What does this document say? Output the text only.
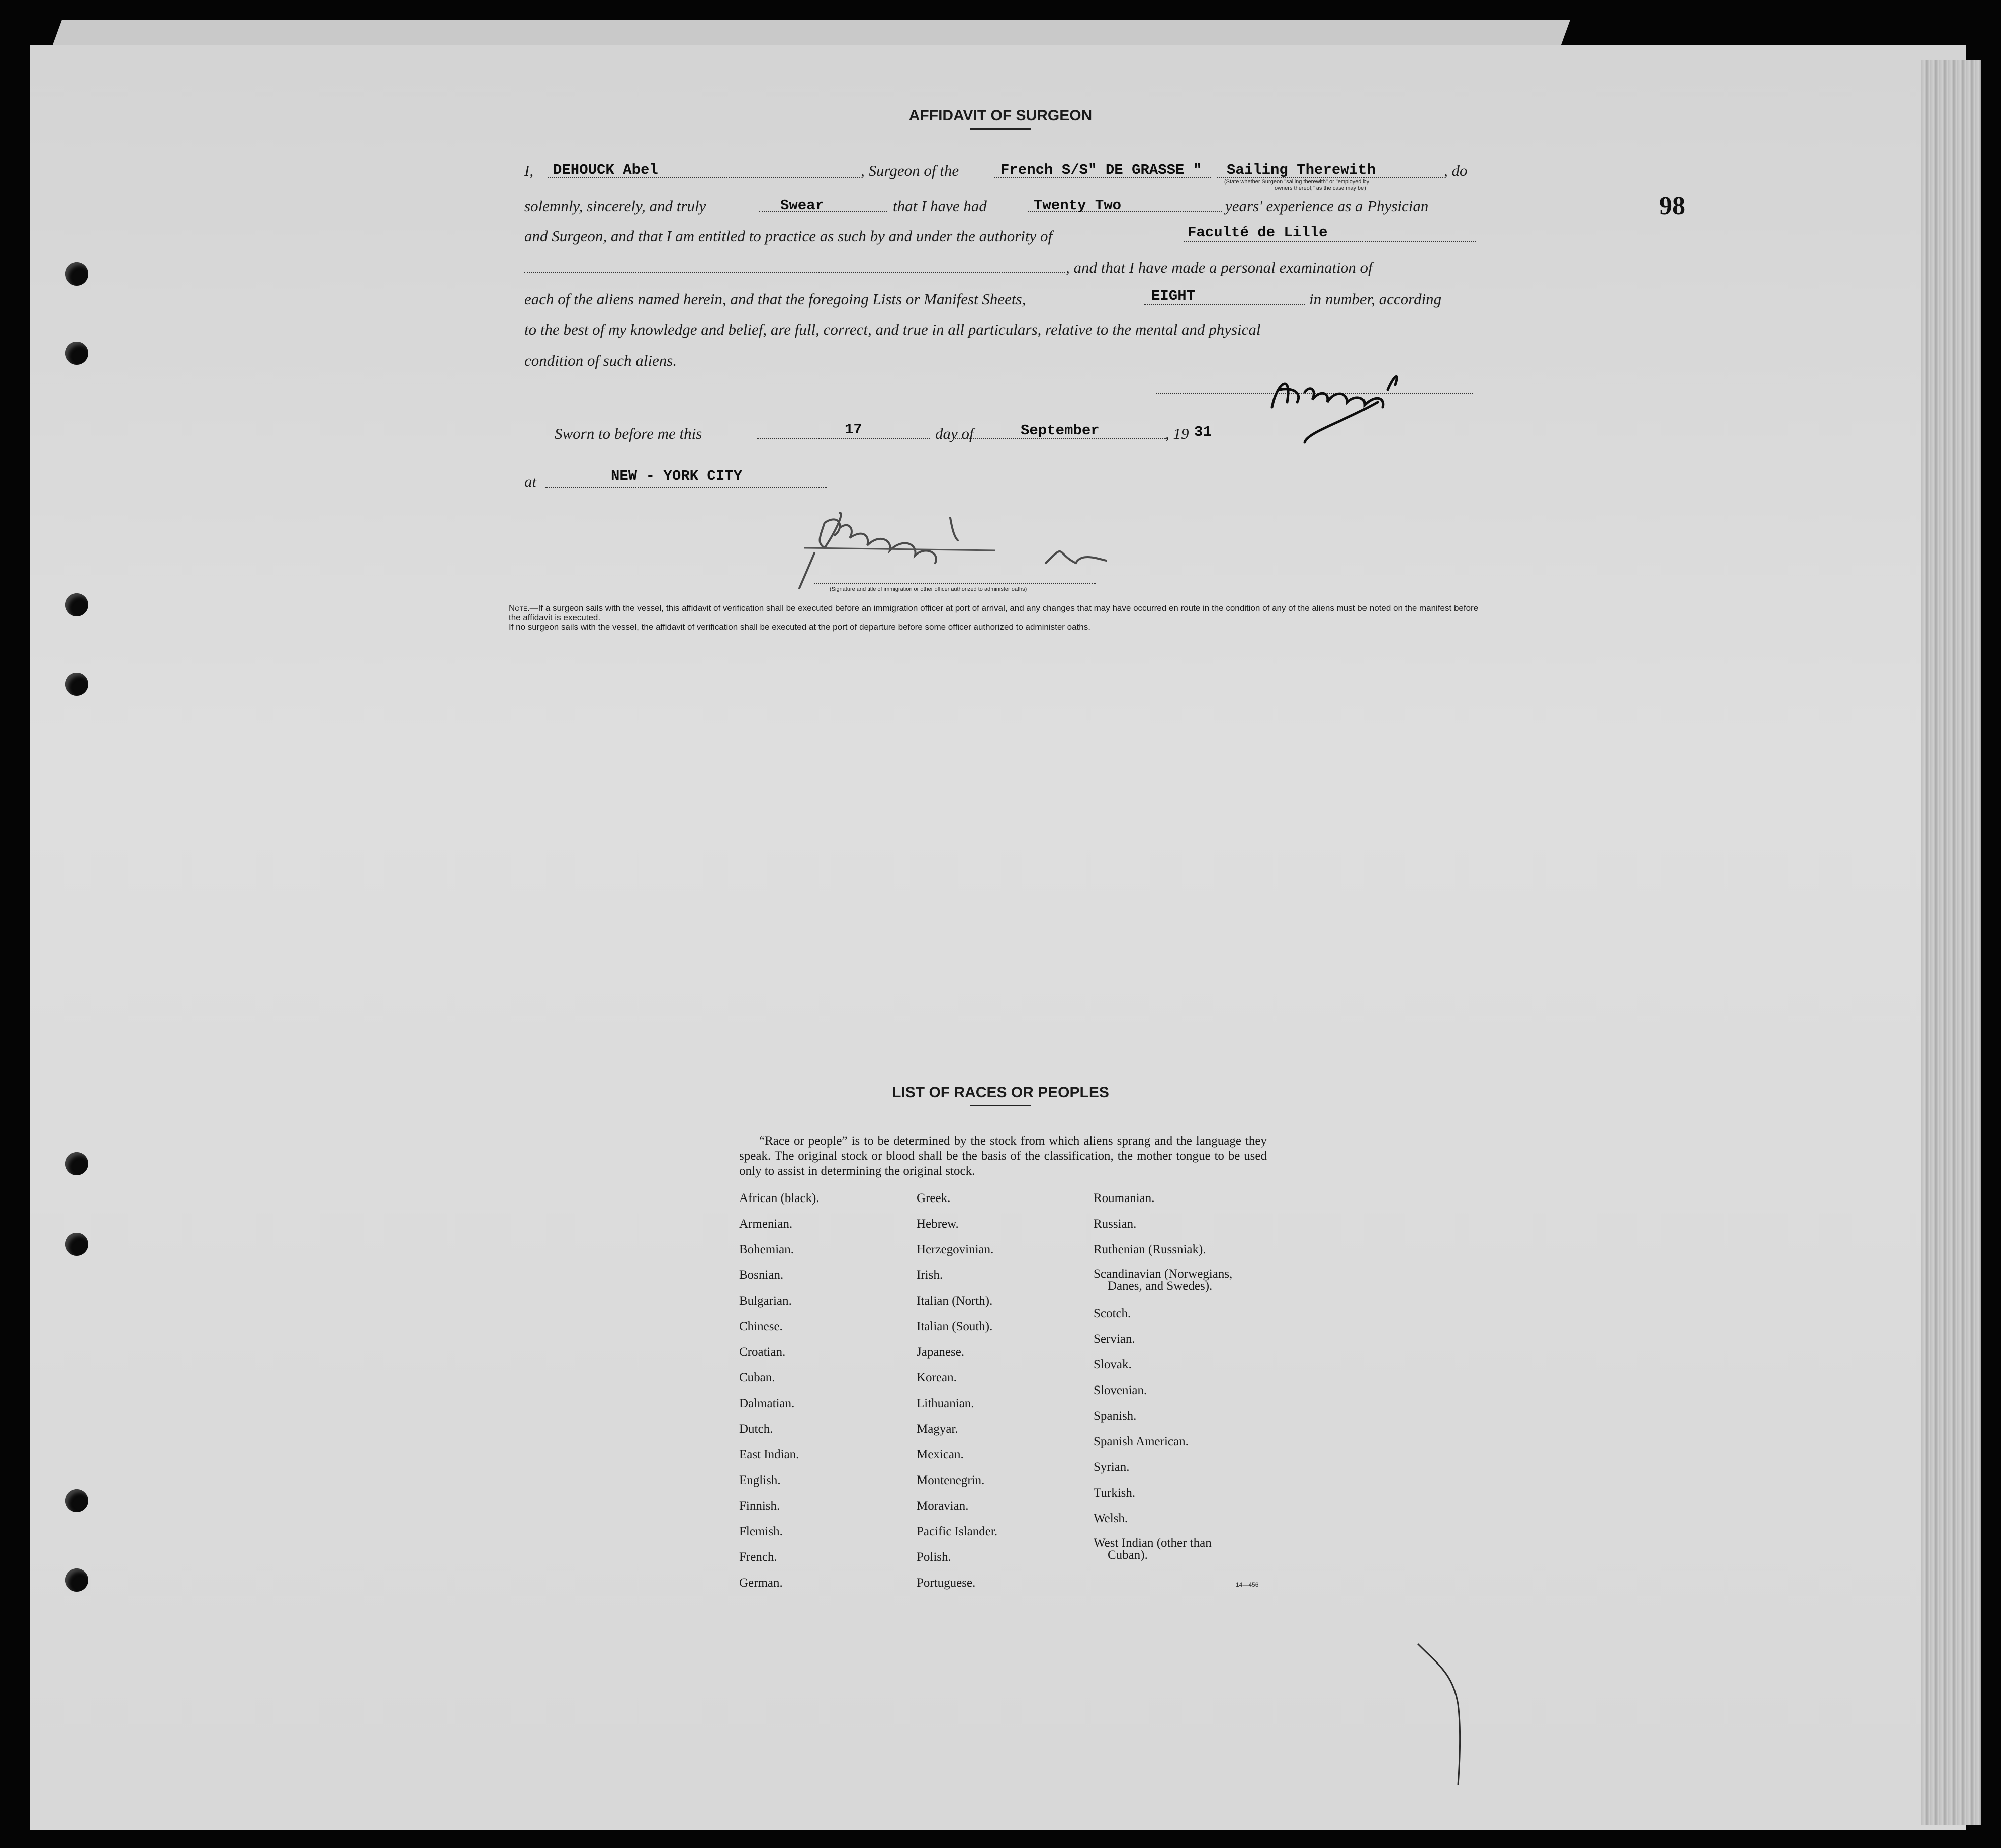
98
AFFIDAVIT OF SURGEON
I, DEHOUCK Abel	, Surgeon of the	French S/S" DE GRASSE " Sailing Therewith	, do
(State whether Surgeon "sailing therewith" or "employed by
owners thereof," as the case may be)
solemnly, sincerely, and truly	Swear	that I have had	Twenty Two	years' experience as a Physician
and Surgeon, and that I am entitled to practice as such by and under the authority of	Faculté de Lille
, and that I have made a personal examination of
each of the aliens named herein, and that the foregoing Lists or Manifest Sheets,	EIGHT	in number, according
to the best of my knowledge and belief, are full, correct, and true in all particulars, relative to the mental and physical
condition of such aliens.
Sworn to before me this	17	day of	September	, 19 31
at	NEW - YORK CITY
(Signature and title of immigration or other officer authorized to administer oaths)
Note.—If a surgeon sails with the vessel, this affidavit of verification shall be executed before an immigration officer at port of arrival, and any changes that may have occurred en route in the condition of any of the aliens must be noted on the manifest before the affidavit is executed.
If no surgeon sails with the vessel, the affidavit of verification shall be executed at the port of departure before some officer authorized to administer oaths.
LIST OF RACES OR PEOPLES
“Race or people” is to be determined by the stock from which aliens sprang and the language they speak. The original stock or blood shall be the basis of the classification, the mother tongue to be used only to assist in determining the original stock.
African (black).
Armenian.
Bohemian.
Bosnian.
Bulgarian.
Chinese.
Croatian.
Cuban.
Dalmatian.
Dutch.
East Indian.
English.
Finnish.
Flemish.
French.
German.
Greek.
Hebrew.
Herzegovinian.
Irish.
Italian (North).
Italian (South).
Japanese.
Korean.
Lithuanian.
Magyar.
Mexican.
Montenegrin.
Moravian.
Pacific Islander.
Polish.
Portuguese.
Roumanian.
Russian.
Ruthenian (Russniak).
Scandinavian (Norwegians,
Danes, and Swedes).
Scotch.
Servian.
Slovak.
Slovenian.
Spanish.
Spanish American.
Syrian.
Turkish.
Welsh.
West Indian (other than
Cuban).
14—456
